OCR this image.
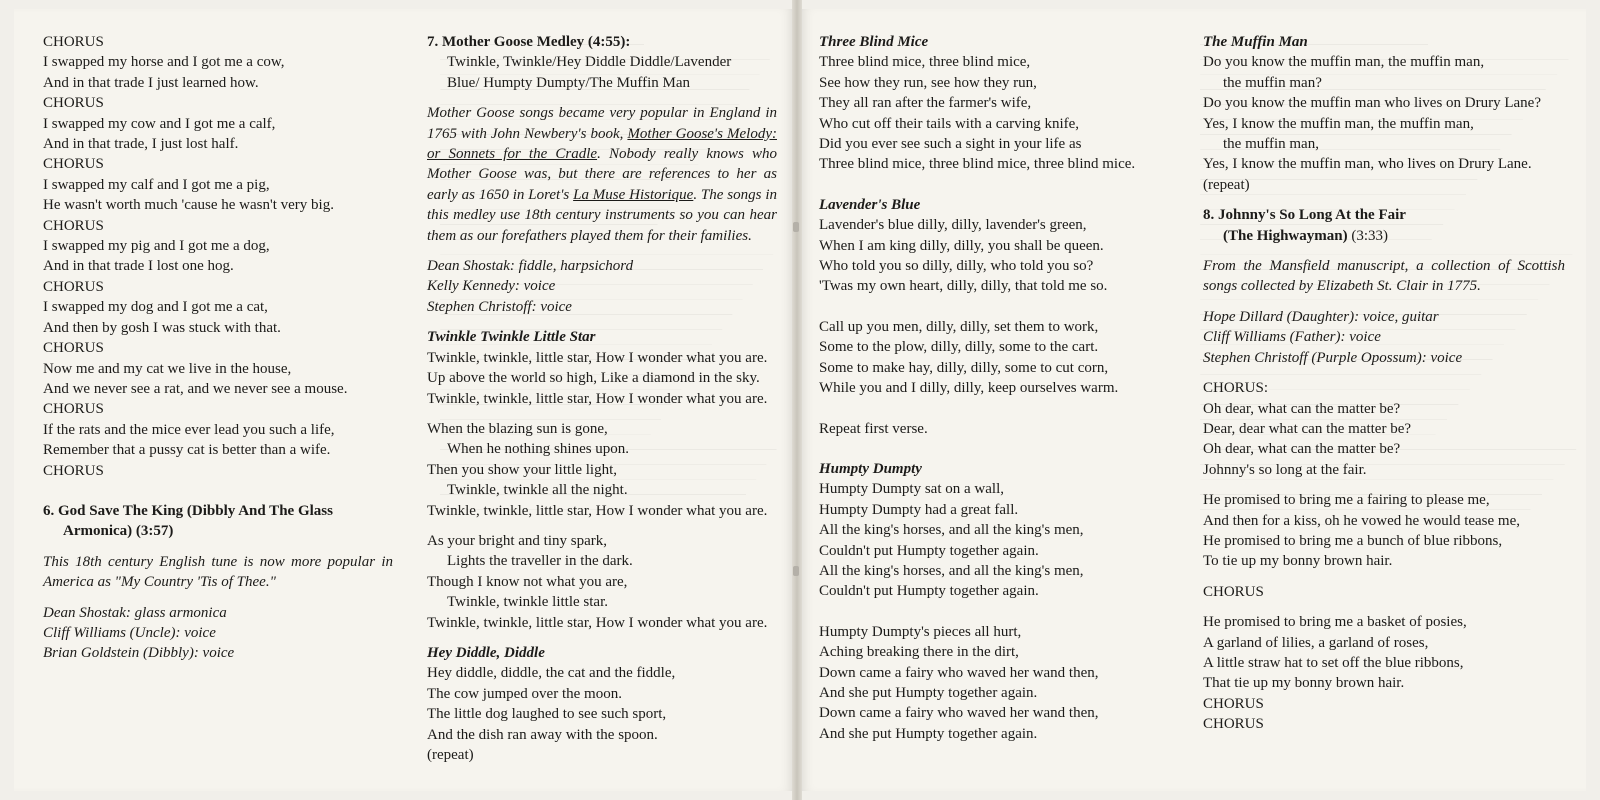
CHORUS
I swapped my horse and I got me a cow,
And in that trade I just learned how.
CHORUS
I swapped my cow and I got me a calf,
And in that trade, I just lost half.
CHORUS
I swapped my calf and I got me a pig,
He wasn't worth much 'cause he wasn't very big.
CHORUS
I swapped my pig and I got me a dog,
And in that trade I lost one hog.
CHORUS
I swapped my dog and I got me a cat,
And then by gosh I was stuck with that.
CHORUS
Now me and my cat we live in the house,
And we never see a rat, and we never see a mouse.
CHORUS
If the rats and the mice ever lead you such a life,
Remember that a pussy cat is better than a wife.
CHORUS
6. God Save The King (Dibbly And The Glass
Armonica) (3:57)
This 18th century English tune is now more popular in America as "My Country 'Tis of Thee."
Dean Shostak: glass armonica
Cliff Williams (Uncle): voice
Brian Goldstein (Dibbly): voice
7. Mother Goose Medley (4:55):
Twinkle, Twinkle/Hey Diddle Diddle/Lavender
Blue/ Humpty Dumpty/The Muffin Man
Mother Goose songs became very popular in England in 1765 with John Newbery's book, Mother Goose's Melody: or Sonnets for the Cradle. Nobody really knows who Mother Goose was, but there are references to her as early as 1650 in Loret's La Muse Historique. The songs in this medley use 18th century instruments so you can hear them as our forefathers played them for their families.
Dean Shostak: fiddle, harpsichord
Kelly Kennedy: voice
Stephen Christoff: voice
Twinkle Twinkle Little Star
Twinkle, twinkle, little star, How I wonder what you are.
Up above the world so high, Like a diamond in the sky.
Twinkle, twinkle, little star, How I wonder what you are.
When the blazing sun is gone,
When he nothing shines upon.
Then you show your little light,
Twinkle, twinkle all the night.
Twinkle, twinkle, little star, How I wonder what you are.
As your bright and tiny spark,
Lights the traveller in the dark.
Though I know not what you are,
Twinkle, twinkle little star.
Twinkle, twinkle, little star, How I wonder what you are.
Hey Diddle, Diddle
Hey diddle, diddle, the cat and the fiddle,
The cow jumped over the moon.
The little dog laughed to see such sport,
And the dish ran away with the spoon.
(repeat)
Three Blind Mice
Three blind mice, three blind mice,
See how they run, see how they run,
They all ran after the farmer's wife,
Who cut off their tails with a carving knife,
Did you ever see such a sight in your life as
Three blind mice, three blind mice, three blind mice.
Lavender's Blue
Lavender's blue dilly, dilly, lavender's green,
When I am king dilly, dilly, you shall be queen.
Who told you so dilly, dilly, who told you so?
'Twas my own heart, dilly, dilly, that told me so.
Call up you men, dilly, dilly, set them to work,
Some to the plow, dilly, dilly, some to the cart.
Some to make hay, dilly, dilly, some to cut corn,
While you and I dilly, dilly, keep ourselves warm.
Repeat first verse.
Humpty Dumpty
Humpty Dumpty sat on a wall,
Humpty Dumpty had a great fall.
All the king's horses, and all the king's men,
Couldn't put Humpty together again.
All the king's horses, and all the king's men,
Couldn't put Humpty together again.
Humpty Dumpty's pieces all hurt,
Aching breaking there in the dirt,
Down came a fairy who waved her wand then,
And she put Humpty together again.
Down came a fairy who waved her wand then,
And she put Humpty together again.
The Muffin Man
Do you know the muffin man, the muffin man,
the muffin man?
Do you know the muffin man who lives on Drury Lane?
Yes, I know the muffin man, the muffin man,
the muffin man,
Yes, I know the muffin man, who lives on Drury Lane.
(repeat)
8. Johnny's So Long At the Fair
(The Highwayman) (3:33)
From the Mansfield manuscript, a collection of Scottish songs collected by Elizabeth St. Clair in 1775.
Hope Dillard (Daughter): voice, guitar
Cliff Williams (Father): voice
Stephen Christoff (Purple Opossum): voice
CHORUS:
Oh dear, what can the matter be?
Dear, dear what can the matter be?
Oh dear, what can the matter be?
Johnny's so long at the fair.
He promised to bring me a fairing to please me,
And then for a kiss, oh he vowed he would tease me,
He promised to bring me a bunch of blue ribbons,
To tie up my bonny brown hair.
CHORUS
He promised to bring me a basket of posies,
A garland of lilies, a garland of roses,
A little straw hat to set off the blue ribbons,
That tie up my bonny brown hair.
CHORUS
CHORUS
